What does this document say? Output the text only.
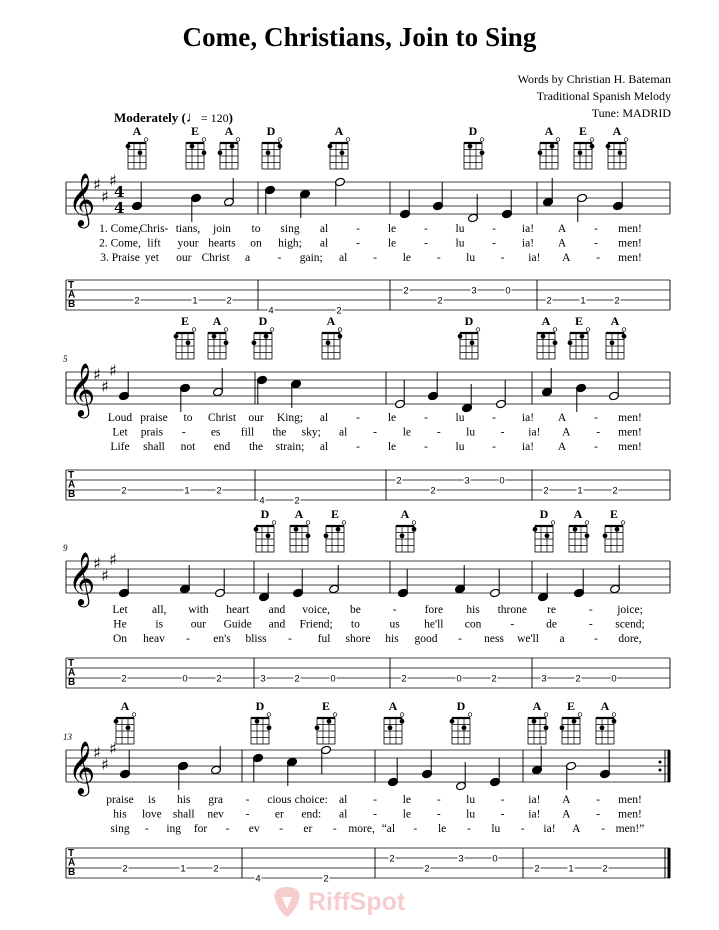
Come, Christians, Join to Sing
Words by Christian H. Bateman
Traditional Spanish Melody
Tune: MADRID
Moderately (♩= 120)
A	E A	D	A	D	A E A
𝄞
♯
♯
♯
4
4
1. Come,
Chris- tians, join to sing al - le - lu - ia! A - men!
2. Come, lift your hearts on high; al - le - lu - ia! A - men!
3. Praise yet our Christ a - gain; al - le - lu - ia! A - men!
T
A
B	2	1	2
4	2
2
2
3	0
2	1	2
5
E A	D	A	D	A E A
𝄞
♯
♯
♯
Loud praise to Christ our King; al - le - lu - ia! A - men!
Let prais - es fill the sky; al - le - lu - ia! A - men!
Life shall not end the strain; al - le - lu - ia! A - men!
T
A
B	2	1	2
4	2
2
2
3	0
2	1	2
9
D A E	A	D A E
𝄞
♯
♯
♯
Let all, with heart and voice, be	- fore his throne re	- joice;
He is our Guide and Friend; to	us he'll con	-	de	- scend;
On heav - en's bliss - ful shore his good - ness we'll a	- dore,
T
A
B	2	0	2	3	2	0	2	0	2	3	2	0
13
A	D	E	A	D	A E A
𝄞
♯
♯
♯
praise is his gra - cious choice: al - le - lu - ia! A - men!
his love shall nev - er end: al - le - lu - ia! A - men!
sing - ing for - ev - er - more, “al - le - lu - ia! A - men!”
T
A
B	2	1	2
4	2
2
2
3	0
2	1	2
RiffSpot
